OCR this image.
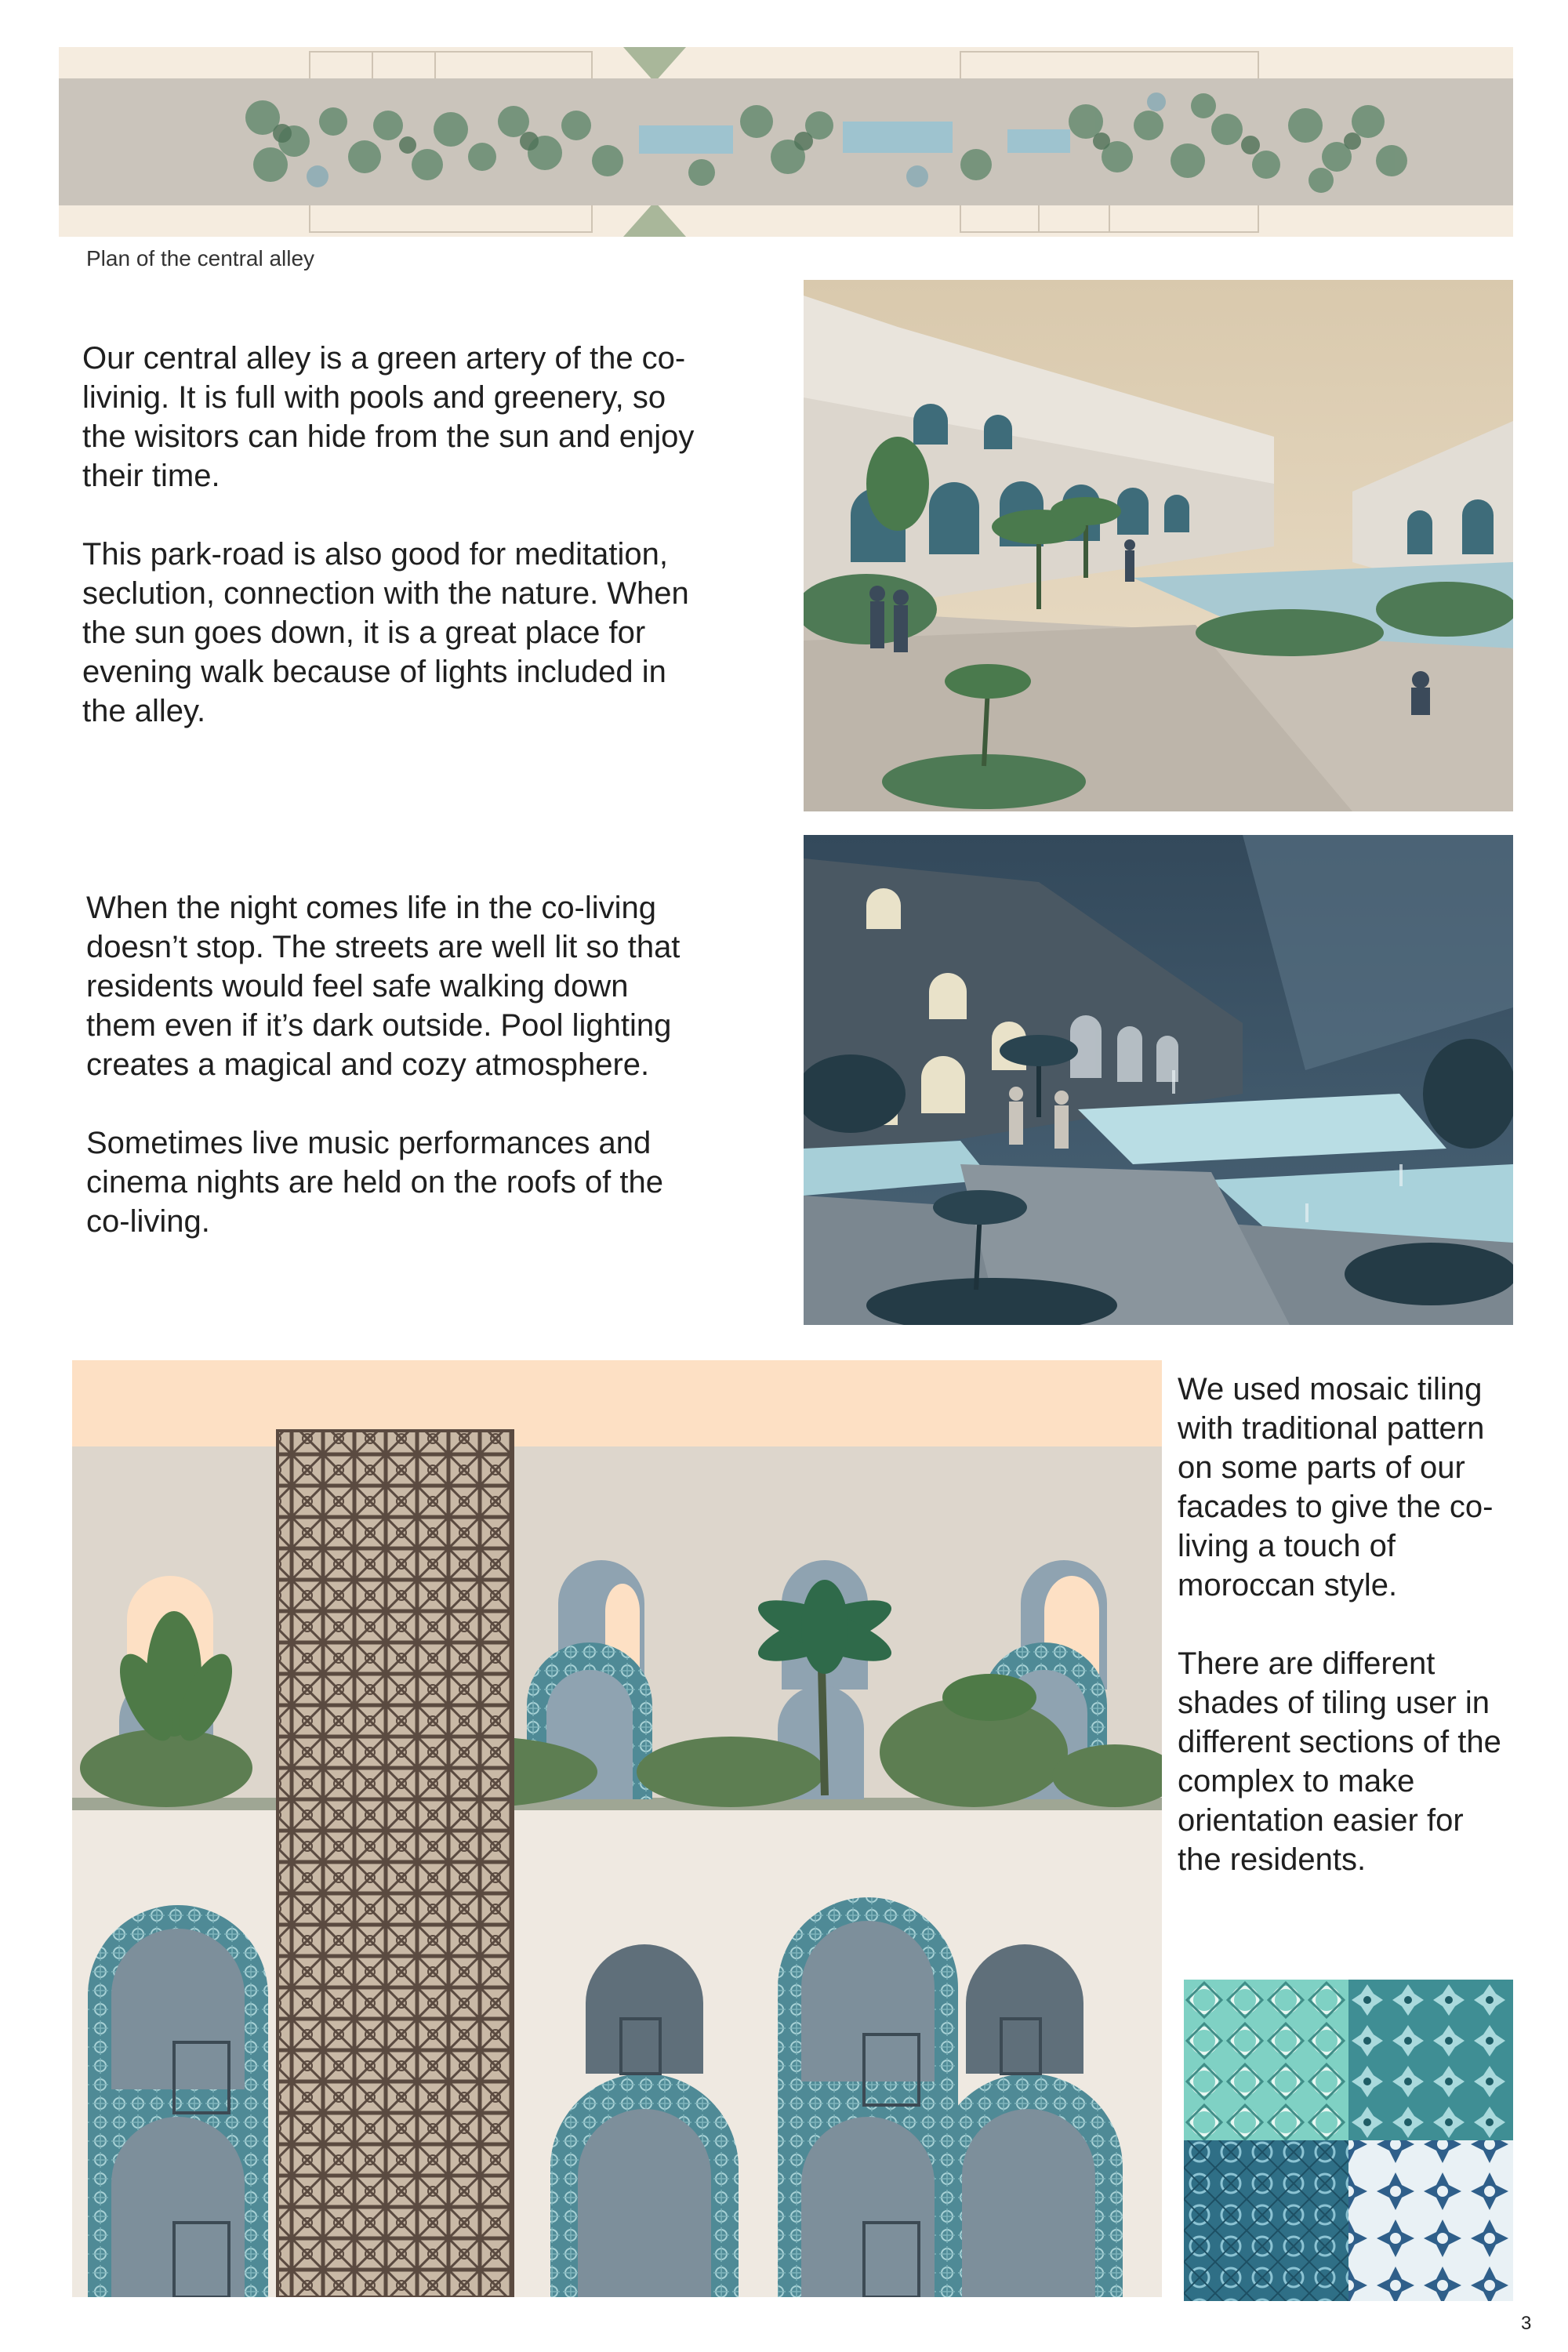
Plan of the central alley

Our central alley is a green artery of the co-livinig. It is full with pools and greenery, so the wisitors can hide from the sun and enjoy their time.

This park-road is also good for meditation, seclution, connection with the nature. When the sun goes down, it is a great place for evening walk because of lights included in the alley.

When the night comes life in the co-living doesn’t stop. The streets are well lit so that residents would feel safe walking down them even if it’s dark outside. Pool lighting creates a magical and cozy atmosphere.

Sometimes live music performances and cinema nights are held on the roofs of the co-living.

We used mosaic tiling with traditional pattern on some parts of our facades to give the co-living a touch of moroccan style.

There are different shades of tiling user in different sections of the complex to make orientation easier for the residents.

3
